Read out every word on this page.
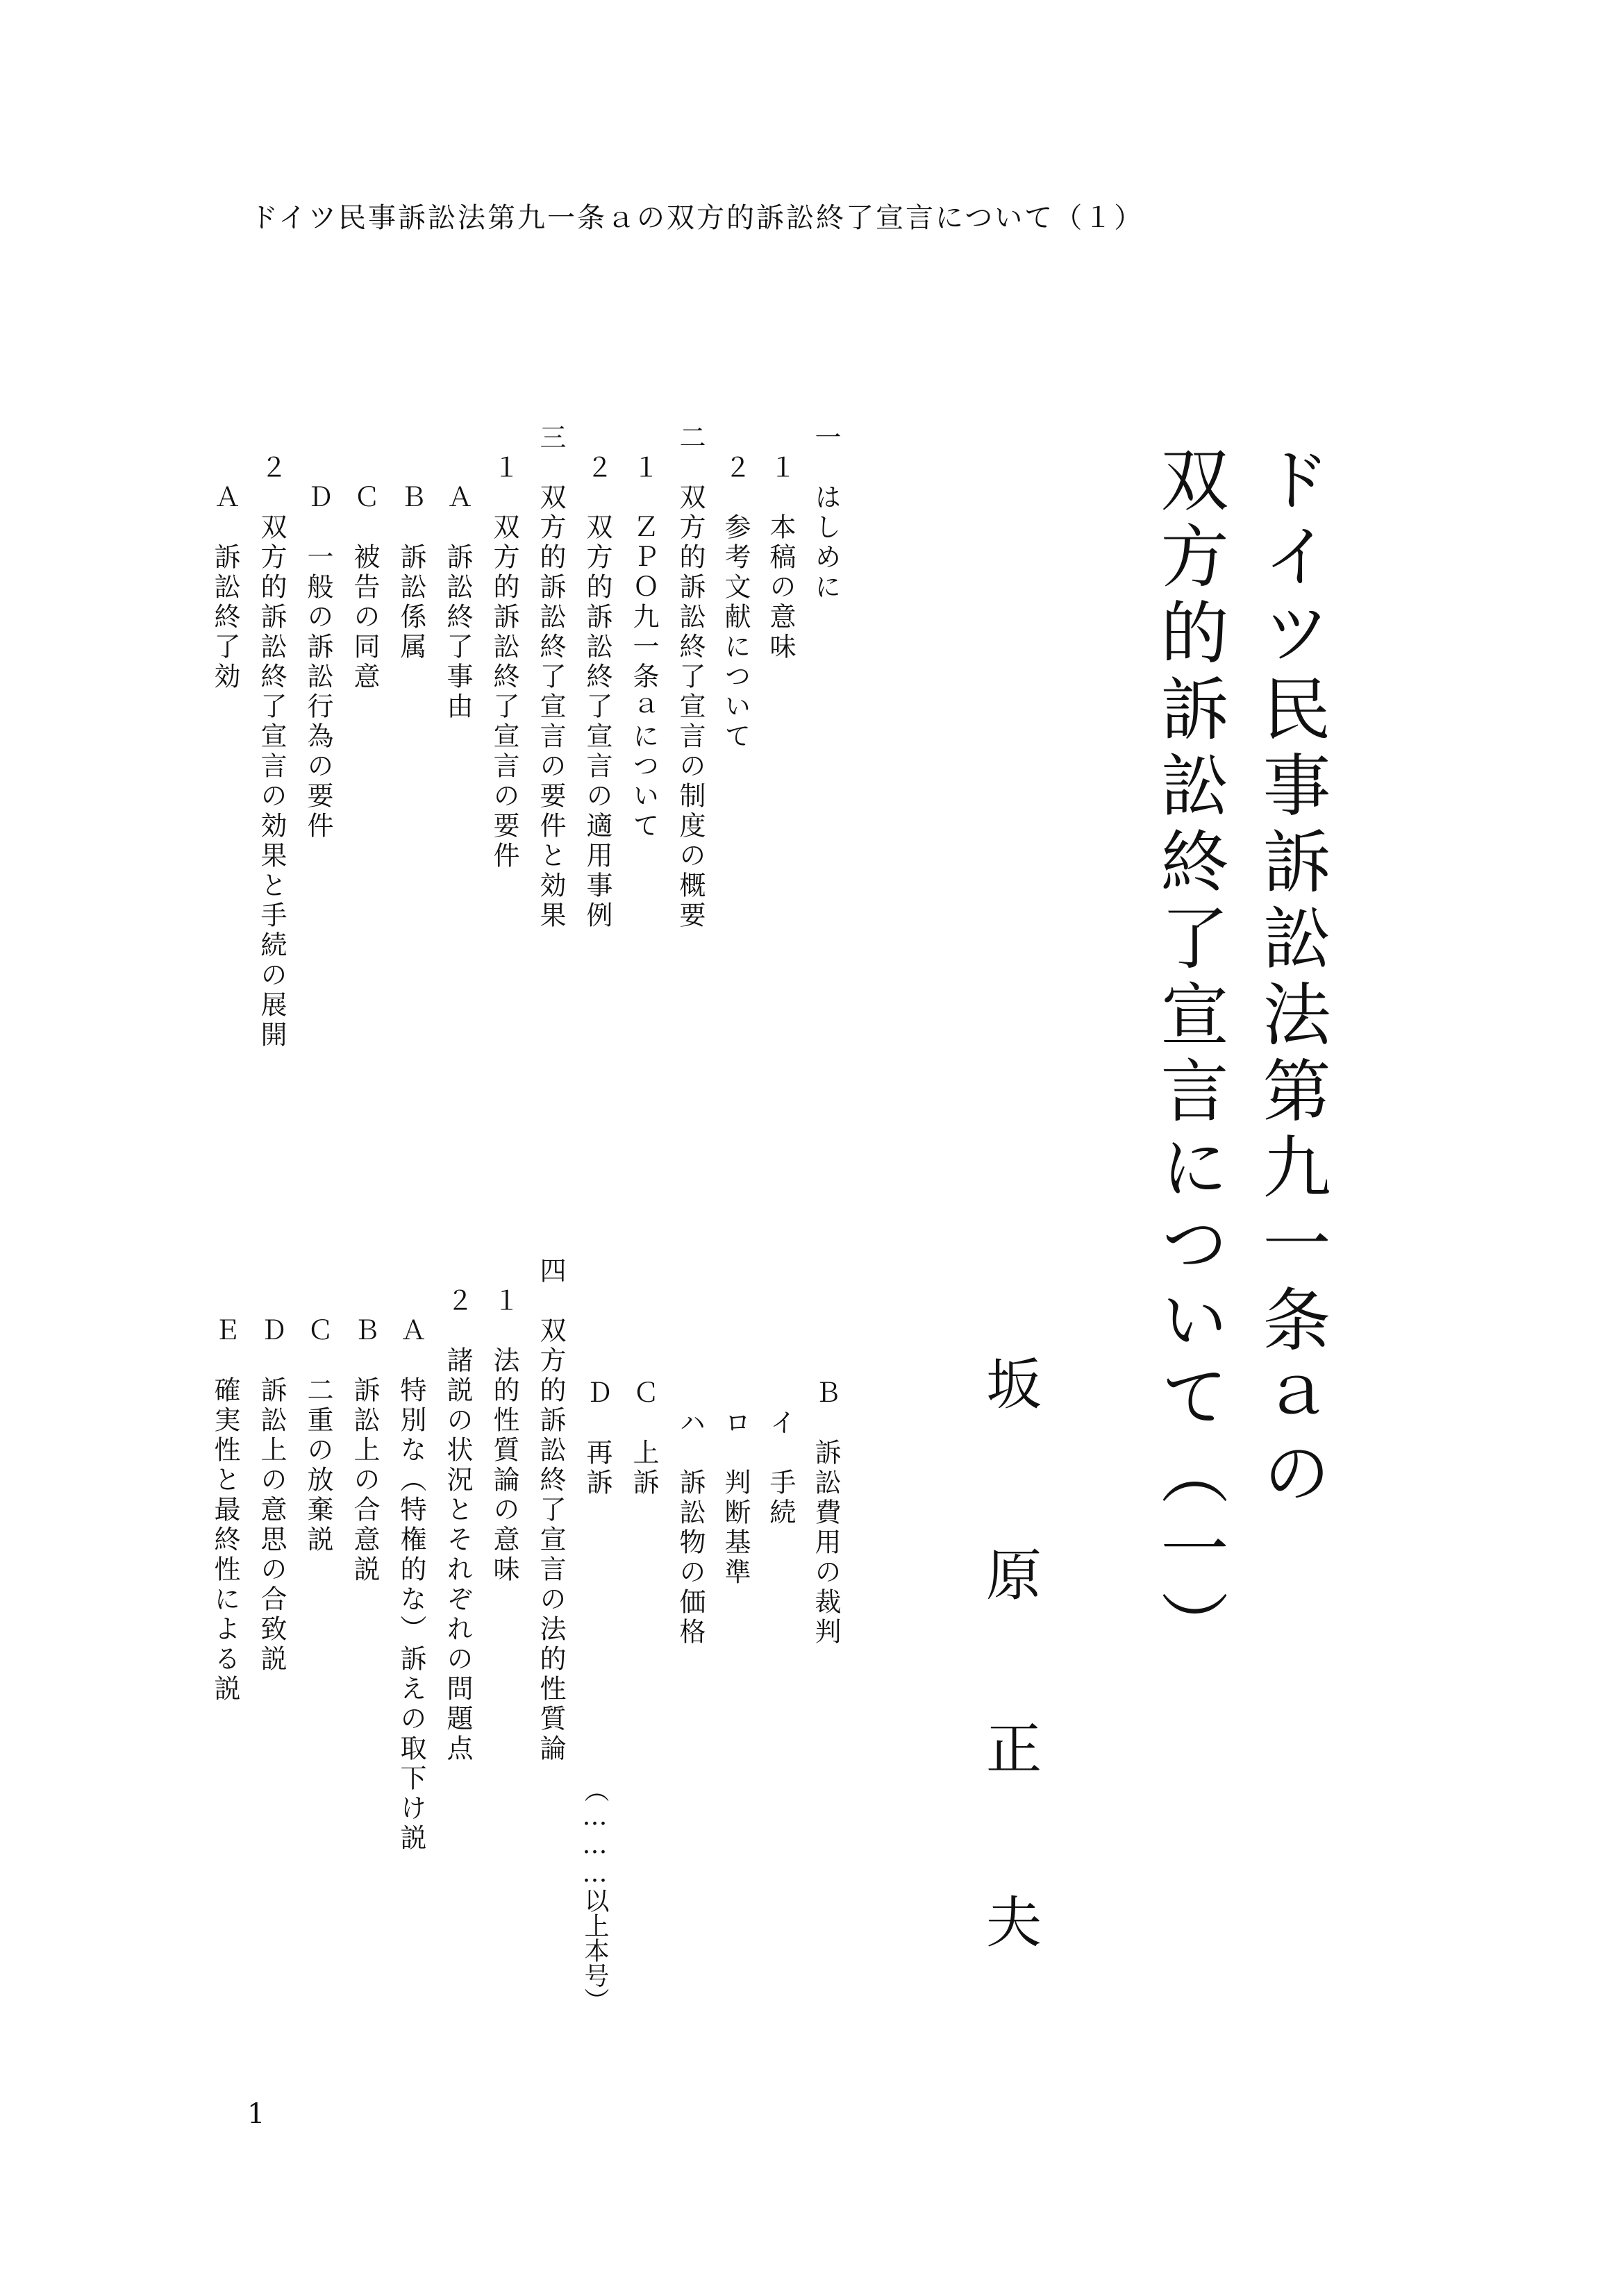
ドイツ民事訴訟法第九一条ａの双方的訴訟終了宣言について（１）
ドイツ民事訴訟法第九一条ａの
双方的訴訟終了宣言について（一）
坂
原
正
夫
一　はしめに
　１　本稿の意味
　２　参考文献について
二　双方的訴訟終了宣言の制度の概要
　１　ＺＰＯ九一条ａについて
　２　双方的訴訟終了宣言の適用事例
三　双方的訴訟終了宣言の要件と効果
　１　双方的訴訟終了宣言の要件
　　Ａ　訴訟終了事由
　　Ｂ　訴訟係属
　　Ｃ　被告の同意
　　Ｄ　一般の訴訟行為の要件
　２　双方的訴訟終了宣言の効果と手続の展開
　　Ａ　訴訟終了効
　　Ｂ　訴訟費用の裁判
　　　イ　手続
　　　ロ　判断基準
　　　ハ　訴訟物の価格
　　Ｃ　上訴
　　Ｄ　再訴
四　双方的訴訟終了宣言の法的性質論
　１　法的性質論の意味
　２　諸説の状況とそれぞれの問題点
　　Ａ　特別な（特権的な）訴えの取下け説
　　Ｂ　訴訟上の合意説
　　Ｃ　二重の放棄説
　　Ｄ　訴訟上の意思の合致説
　　Ｅ　確実性と最終性による説
（………以上本号）
1
